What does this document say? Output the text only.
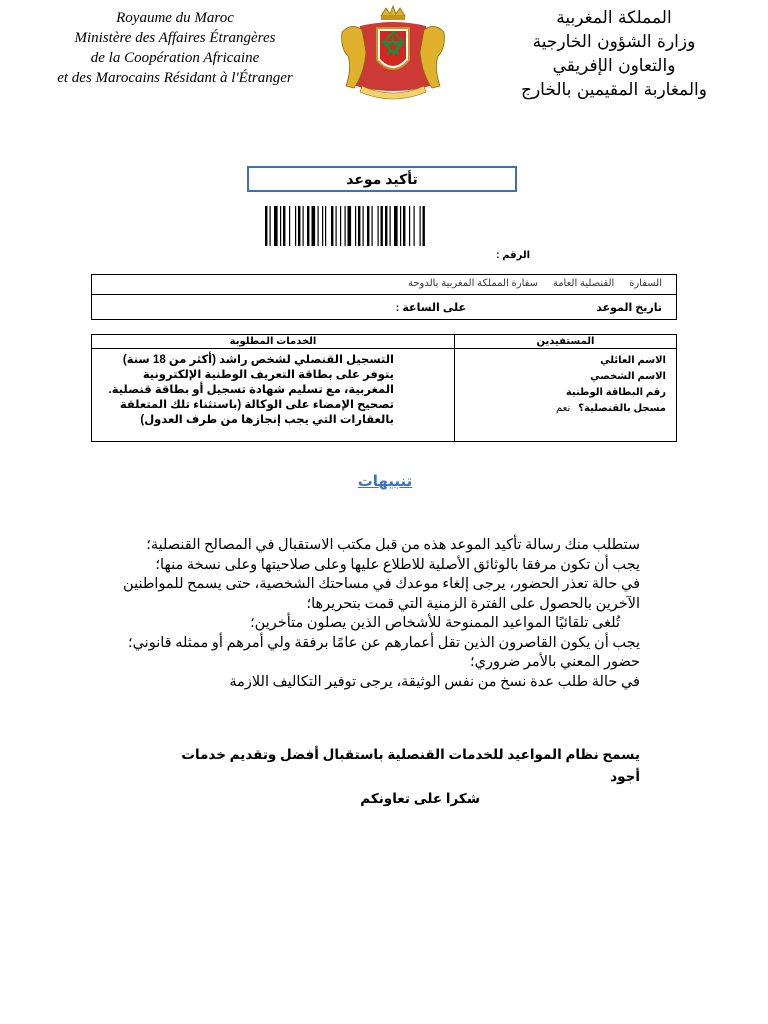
Royaume du Maroc
Ministère des Affaires Étrangères
de la Coopération Africaine
et des Marocains Résidant à l'Étranger
المملكة المغربية
وزارة الشؤون الخارجية
والتعاون الإفريقي
والمغاربة المقيمين بالخارج
تأكيد موعد
الرقم :
السفارة القنصلية العامة سفارة المملكة المغربية بالدوحة
تاريخ الموعد
على الساعة :
الخدمات المطلوبة	المستفيدين
التسجيل القنصلي لشخص راشد (أكثر من 18 سنة)
يتوفر على بطاقة التعريف الوطنية الإلكترونية
المغربية، مع تسليم شهادة تسجيل أو بطاقة قنصلية.
تصحيح الإمضاء على الوكالة (باستثناء تلك المتعلقة
بالعقارات التي يجب إنجازها من طرف العدول)
الاسم العائلي
الاسم الشخصي
رقم البطاقة الوطنية
مسجل بالقنصلية؟نعم
تنبيهات
ستطلب منك رسالة تأكيد الموعد هذه من قبل مكتب الاستقبال في المصالح القنصلية؛
يجب أن تكون مرفقا بالوثائق الأصلية للاطلاع عليها وعلى صلاحيتها وعلى نسخة منها؛
في حالة تعذر الحضور، يرجى إلغاء موعدك في مساحتك الشخصية، حتى يسمح للمواطنين
الآخرين بالحصول على الفترة الزمنية التي قمت بتحريرها؛
تُلغى تلقائيًا المواعيد الممنوحة للأشخاص الذين يصلون متأخرين؛
يجب أن يكون القاصرون الذين تقل أعمارهم عن عامًا برفقة ولي أمرهم أو ممثله قانوني؛
حضور المعني بالأمر ضروري؛
في حالة طلب عدة نسخ من نفس الوثيقة، يرجى توفير التكاليف اللازمة
يسمح نظام المواعيد للخدمات القنصلية باستقبال أفضل وتقديم خدمات أجود
شكرا على تعاونكم
